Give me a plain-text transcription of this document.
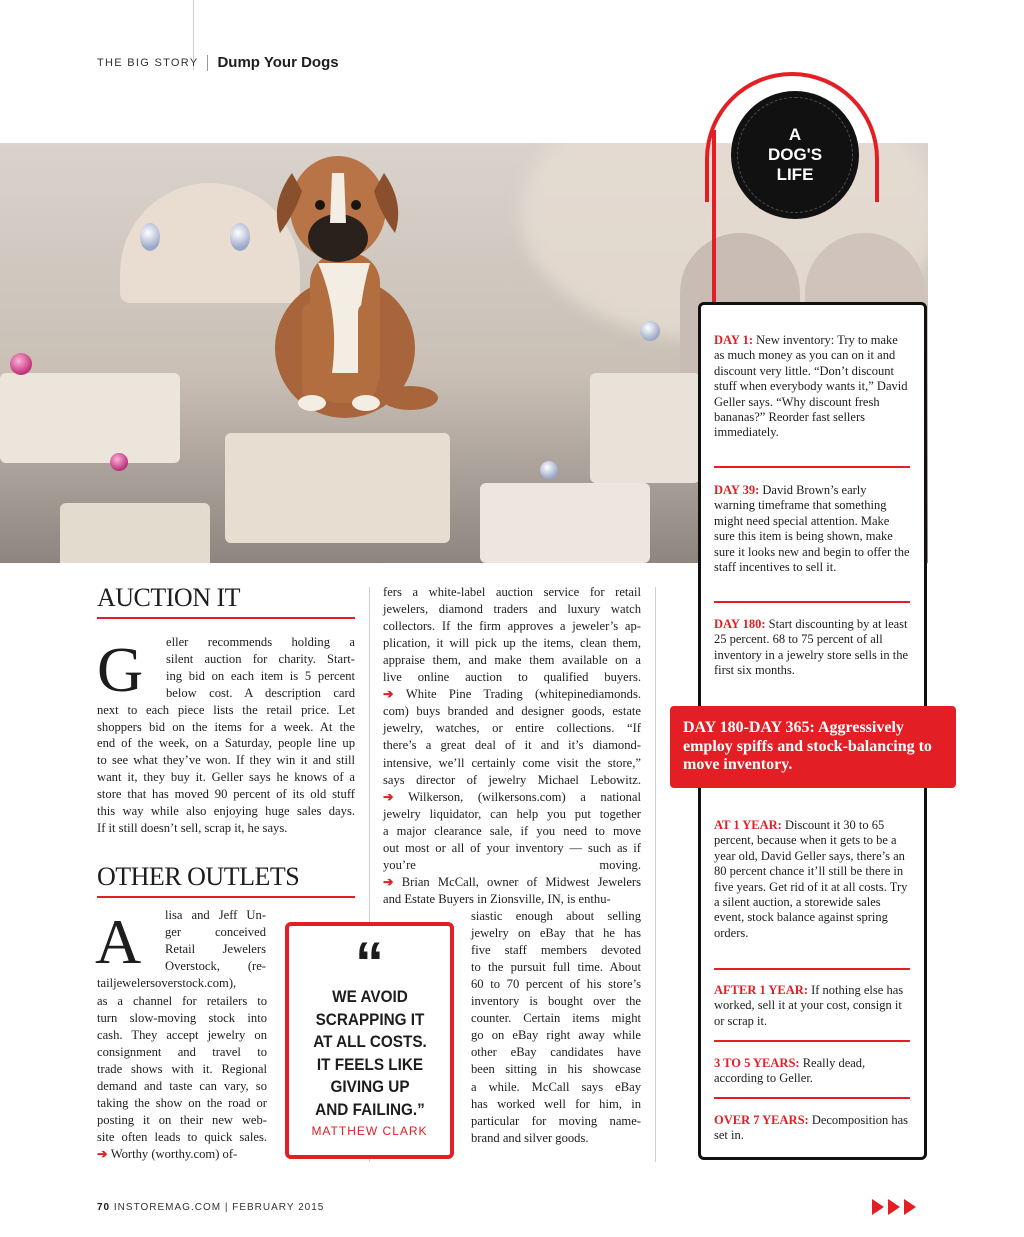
THE BIG STORY Dump Your Dogs
A
DOG'S
LIFE
DAY 1: New inventory: Try to make as much money as you can on it and discount very little. “Don’t discount stuff when everybody wants it,” David Geller says. “Why discount fresh bananas?” Reorder fast sellers immediately.
DAY 39: David Brown’s early warning timeframe that something might need special attention. Make sure this item is being shown, make sure it looks new and begin to offer the staff incentives to sell it.
DAY 180: Start discounting by at least 25 percent. 68 to 75 percent of all inventory in a jewelry store sells in the first six months.
DAY 180-DAY 365: Aggressively employ spiffs and stock-balancing to move inventory.
AT 1 YEAR: Discount it 30 to 65 percent, because when it gets to be a year old, David Geller says, there’s an 80 percent chance it’ll still be there in five years. Get rid of it at all costs. Try a silent auction, a storewide sales event, stock balance against spring orders.
AFTER 1 YEAR: If nothing else has worked, sell it at your cost, consign it or scrap it.
3 TO 5 YEARS: Really dead, according to Geller.
OVER 7 YEARS: Decomposition has set in.
AUCTION IT
G eller recommends holding a
silent auction for charity. Start-
ing bid on each item is 5 percent
below cost. A description card
next to each piece lists the retail price. Let
shoppers bid on the items for a week. At the
end of the week, on a Saturday, people line up
to see what they’ve won. If they win it and still
want it, they buy it. Geller says he knows of a
store that has moved 90 percent of its old stuff
this way while also enjoying huge sales days.
If it still doesn’t sell, scrap it, he says.
OTHER OUTLETS
A lisa and Jeff Un-
ger conceived
Retail Jewelers
Overstock, (re-
tailjewelersoverstock.com),
as a channel for retailers to
turn slow-moving stock into
cash. They accept jewelry on
consignment and travel to
trade shows with it. Regional
demand and taste can vary, so
taking the show on the road or
posting it on their new web-
site often leads to quick sales.
➔ Worthy (worthy.com) of-
fers a white-label auction service for retail
jewelers, diamond traders and luxury watch
collectors. If the firm approves a jeweler’s ap-
plication, it will pick up the items, clean them,
appraise them, and make them available on a
live online auction to qualified buyers.
➔ White Pine Trading (whitepinediamonds.
com) buys branded and designer goods, estate
jewelry, watches, or entire collections. “If
there’s a great deal of it and it’s diamond-
intensive, we’ll certainly come visit the store,”
says director of jewelry Michael Lebowitz.
➔ Wilkerson, (wilkersons.com) a national
jewelry liquidator, can help you put together
a major clearance sale, if you need to move
out most or all of your inventory — such as if
you’re moving.
➔ Brian McCall, owner of Midwest Jewelers
and Estate Buyers in Zionsville, IN, is enthu-
siastic enough about selling
jewelry on eBay that he has
five staff members devoted
to the pursuit full time. About
60 to 70 percent of his store’s
inventory is bought over the
counter. Certain items might
go on eBay right away while
other eBay candidates have
been sitting in his showcase
a while. McCall says eBay
has worked well for him, in
particular for moving name-
brand and silver goods.
“
WE AVOID
SCRAPPING IT
AT ALL COSTS.
IT FEELS LIKE
GIVING UP
AND FAILING.”
MATTHEW CLARK
70 INSTOREMAG.COM | FEBRUARY 2015
